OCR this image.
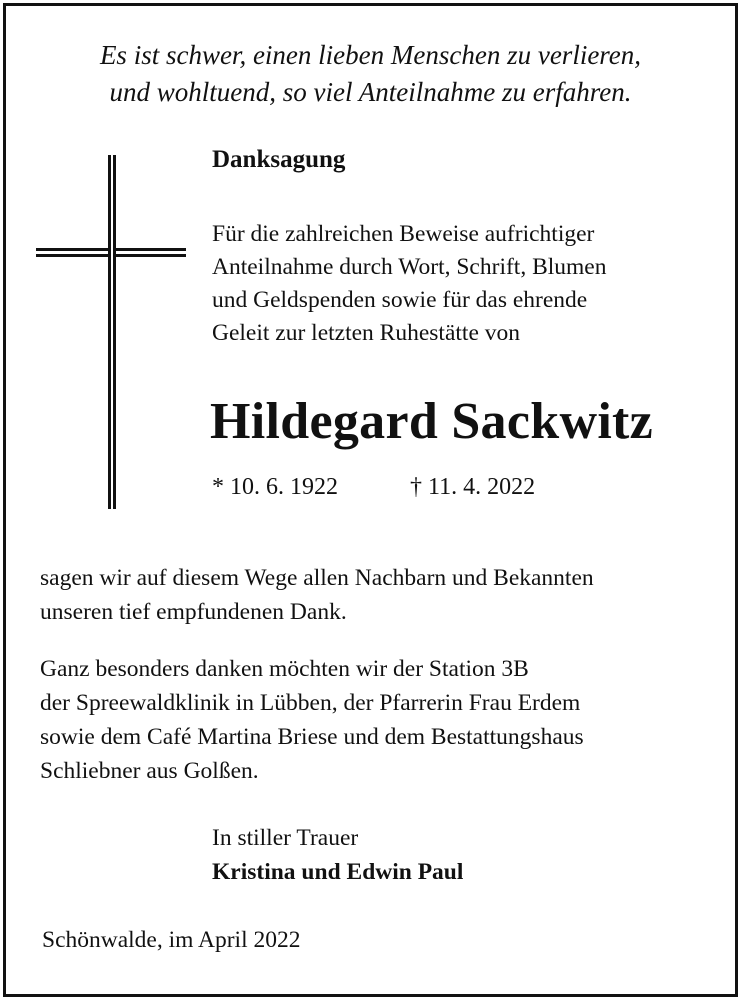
Es ist schwer, einen lieben Menschen zu verlieren,
und wohltuend, so viel Anteilnahme zu erfahren.
Danksagung
Für die zahlreichen Beweise aufrichtiger
Anteilnahme durch Wort, Schrift, Blumen
und Geldspenden sowie für das ehrende
Geleit zur letzten Ruhestätte von
Hildegard Sackwitz
* 10. 6. 1922	† 11. 4. 2022
sagen wir auf diesem Wege allen Nachbarn und Bekannten
unseren tief empfundenen Dank.
Ganz besonders danken möchten wir der Station 3B
der Spreewaldklinik in Lübben, der Pfarrerin Frau Erdem
sowie dem Café Martina Briese und dem Bestattungshaus
Schliebner aus Golßen.
In stiller Trauer
Kristina und Edwin Paul
Schönwalde, im April 2022
